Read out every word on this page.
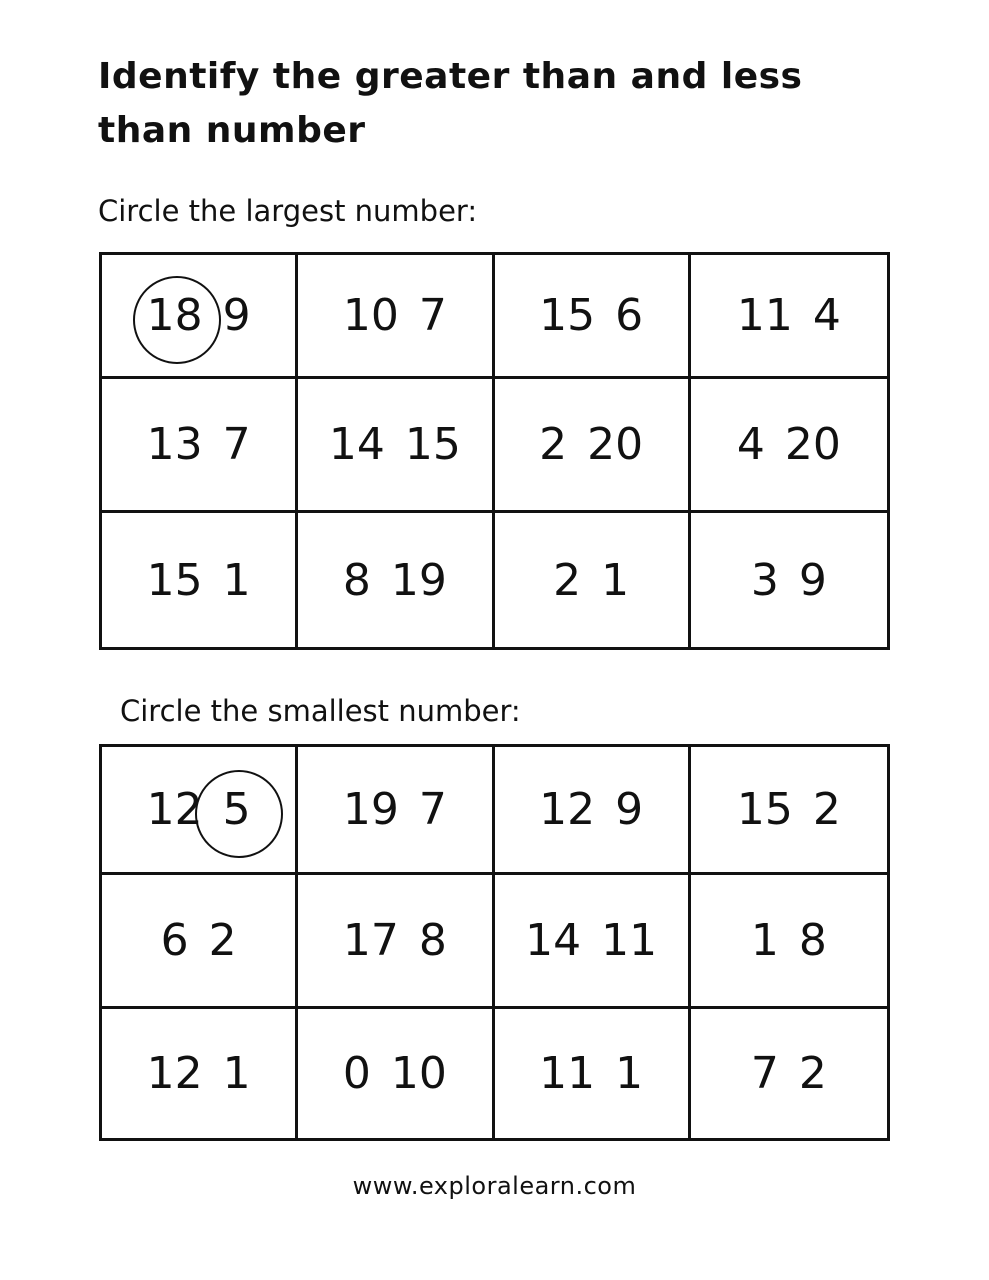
Identify the greater than and less than number

Circle the largest number:

18 9 10 7 15 6 11 4
13 7 14 15 2 20 4 20
15 1 8 19 2 1	3 9

Circle the smallest number:

12 5 19 7 12 9 15 2
6 2 17 8 14 11 1 8
12 1 0 10 11 1 7 2

www.exploralearn.com
